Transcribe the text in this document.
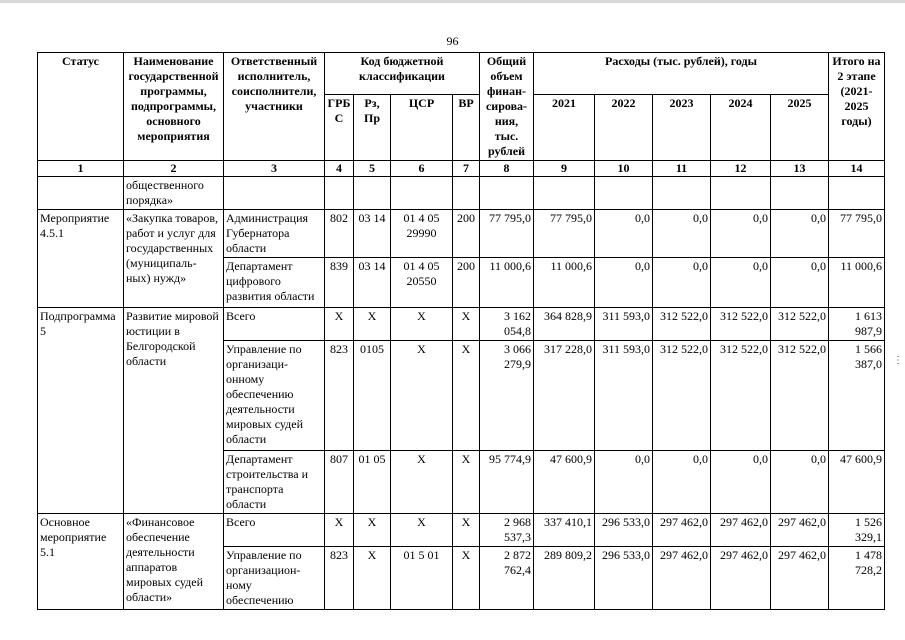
96
Статус	Наименование государственной программы, подпрограммы, основного мероприятия	Ответственный исполнитель, соисполнители, участники	Код бюджетной классификации				Общий объем финан-сирова-ния, тыс. рублей	Расходы (тыс. рублей), годы					Итого на 2 этапе (2021-2025 годы)
			ГРБ С	Рз, Пр	ЦСР	ВР		2021	2022	2023	2024	2025	
1	2	3	4	5	6	7	8	9	10	11	12	13	14
	общественного порядка»												
Мероприятие 4.5.1	«Закупка товаров, работ и услуг для государственных (муниципаль-ных) нужд»	Администрация Губернатора области	802	03 14	01 4 05 29990	200	77 795,0	77 795,0	0,0	0,0	0,0	0,0	77 795,0
		Департамент цифрового развития области	839	03 14	01 4 05 20550	200	11 000,6	11 000,6	0,0	0,0	0,0	0,0	11 000,6
Подпрограмма 5	Развитие мировой юстиции в Белгородской области	Всего	Х	Х	Х	Х	3 162 054,8	364 828,9	311 593,0	312 522,0	312 522,0	312 522,0	1 613 987,9
		Управление по организаци-онному обеспечению деятельности мировых судей области	823	0105	Х	Х	3 066 279,9	317 228,0	311 593,0	312 522,0	312 522,0	312 522,0	1 566 387,0
		Департамент строительства и транспорта области	807	01 05	Х	Х	95 774,9	47 600,9	0,0	0,0	0,0	0,0	47 600,9
Основное мероприятие 5.1	«Финансовое обеспечение деятельности аппаратов мировых судей области»	Всего	Х	Х	Х	Х	2 968 537,3	337 410,1	296 533,0	297 462,0	297 462,0	297 462,0	1 526 329,1
		Управление по организацион-ному обеспечению	823	Х	01 5 01	Х	2 872 762,4	289 809,2	296 533,0	297 462,0	297 462,0	297 462,0	1 478 728,2
⋮
